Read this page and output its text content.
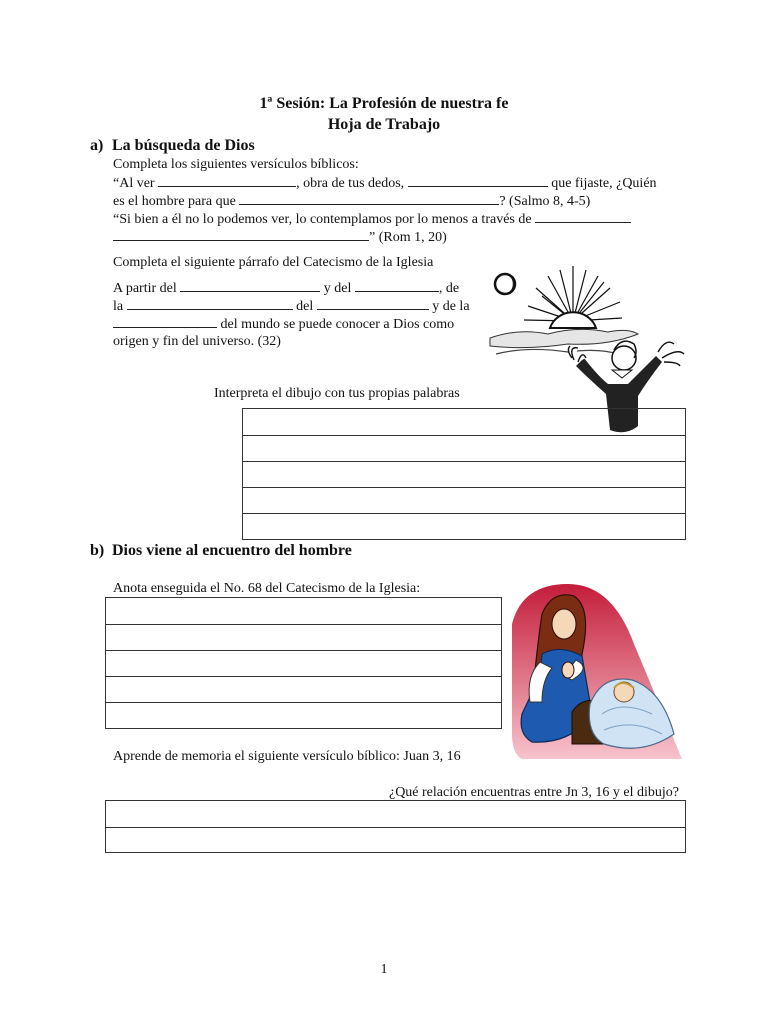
1ª Sesión: La Profesión de nuestra fe
Hoja de Trabajo
a) La búsqueda de Dios
Completa los siguientes versículos bíblicos:
“Al ver	, obra de tus dedos,	que fijaste, ¿Quién
es el hombre para que	? (Salmo 8, 4-5)
“Si bien a él no lo podemos ver, lo contemplamos por lo menos a través de
” (Rom 1, 20)
Completa el siguiente párrafo del Catecismo de la Iglesia
A partir del	y del	, de
la	del	y de la
del mundo se puede conocer a Dios como
origen y fin del universo. (32)
Interpreta el dibujo con tus propias palabras
b) Dios viene al encuentro del hombre
Anota enseguida el No. 68 del Catecismo de la Iglesia:
Aprende de memoria el siguiente versículo bíblico: Juan 3, 16
¿Qué relación encuentras entre Jn 3, 16 y el dibujo?
1
